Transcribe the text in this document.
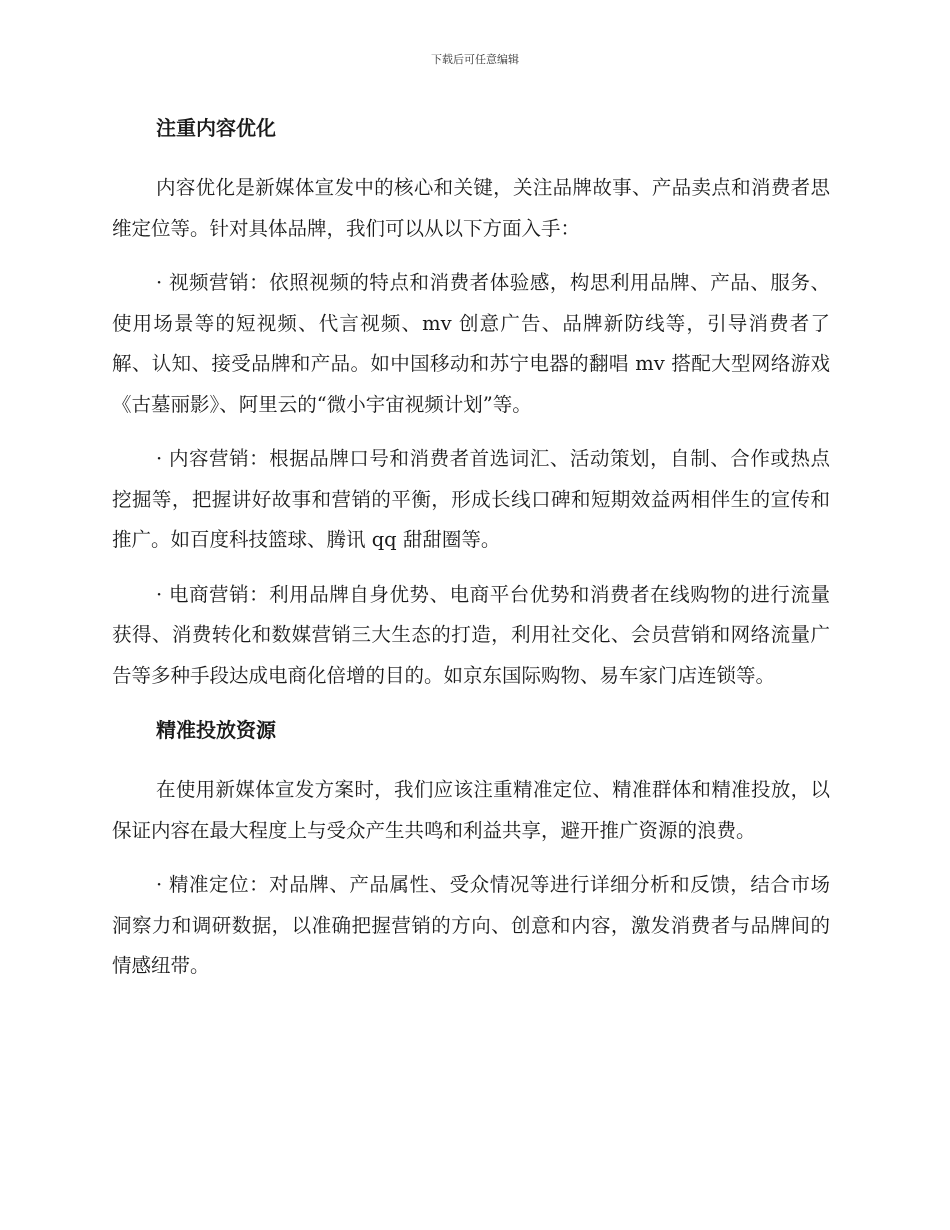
下载后可任意编辑
注重内容优化

内容优化是新媒体宣发中的核心和关键，关注品牌故事、产品卖点和消费者思维定位等。针对具体品牌，我们可以从以下方面入手：

· 视频营销：依照视频的特点和消费者体验感，构思利用品牌、产品、服务、使用场景等的短视频、代言视频、mv 创意广告、品牌新防线等，引导消费者了解、认知、接受品牌和产品。如中国移动和苏宁电器的翻唱 mv 搭配大型网络游戏《古墓丽影》、阿里云的“微小宇宙视频计划”等。

· 内容营销：根据品牌口号和消费者首选词汇、活动策划，自制、合作或热点挖掘等，把握讲好故事和营销的平衡，形成长线口碑和短期效益两相伴生的宣传和推广。如百度科技篮球、腾讯 qq 甜甜圈等。

· 电商营销：利用品牌自身优势、电商平台优势和消费者在线购物的进行流量获得、消费转化和数媒营销三大生态的打造，利用社交化、会员营销和网络流量广告等多种手段达成电商化倍增的目的。如京东国际购物、易车家门店连锁等。

精准投放资源

在使用新媒体宣发方案时，我们应该注重精准定位、精准群体和精准投放，以保证内容在最大程度上与受众产生共鸣和利益共享，避开推广资源的浪费。

· 精准定位：对品牌、产品属性、受众情况等进行详细分析和反馈，结合市场洞察力和调研数据，以准确把握营销的方向、创意和内容，激发消费者与品牌间的情感纽带。
